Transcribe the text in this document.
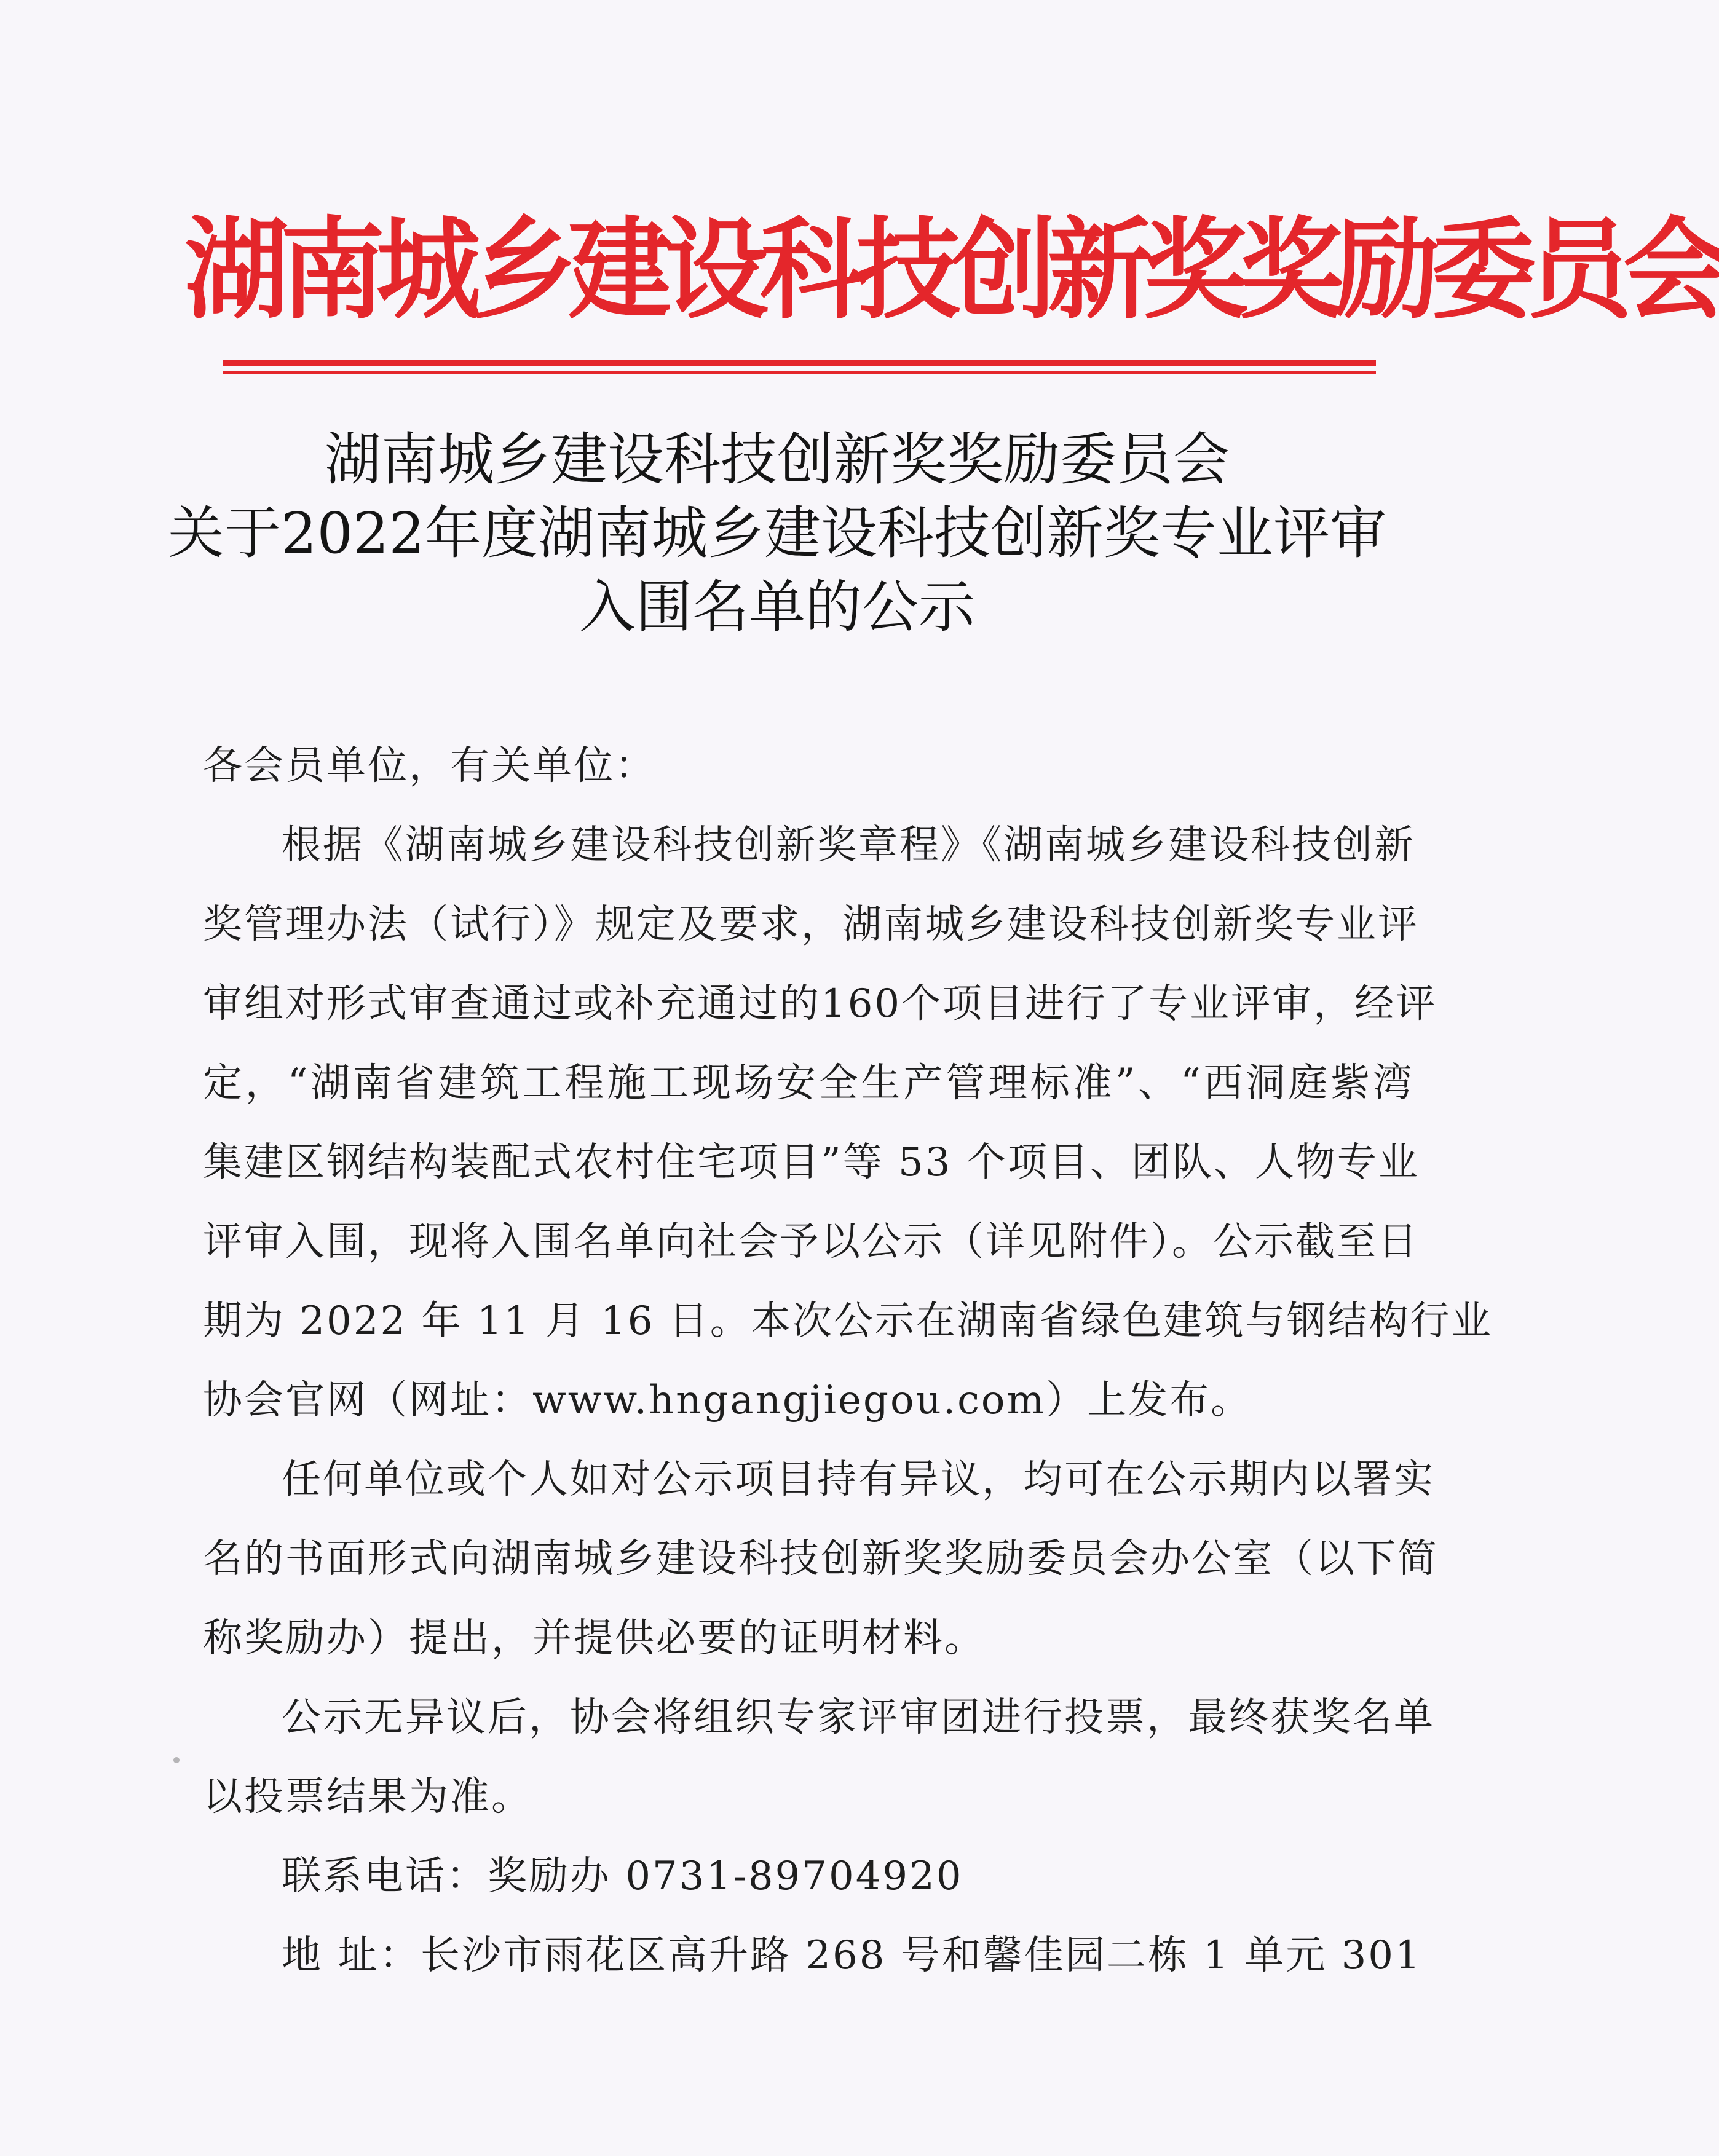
湖南城乡建设科技创新奖奖励委员会
湖南城乡建设科技创新奖奖励委员会
关于2022年度湖南城乡建设科技创新奖专业评审
入围名单的公示
各会员单位，有关单位：
根据《湖南城乡建设科技创新奖章程》《湖南城乡建设科技创新
奖管理办法（试行）》规定及要求，湖南城乡建设科技创新奖专业评
审组对形式审查通过或补充通过的160个项目进行了专业评审，经评
定，“湖南省建筑工程施工现场安全生产管理标准”、“西洞庭紫湾
集建区钢结构装配式农村住宅项目”等 53 个项目、团队、人物专业
评审入围，现将入围名单向社会予以公示（详见附件）。公示截至日
期为 2022 年 11 月 16 日。本次公示在湖南省绿色建筑与钢结构行业
协会官网（网址：www.hngangjiegou.com）上发布。
任何单位或个人如对公示项目持有异议，均可在公示期内以署实
名的书面形式向湖南城乡建设科技创新奖奖励委员会办公室（以下简
称奖励办）提出，并提供必要的证明材料。
公示无异议后，协会将组织专家评审团进行投票，最终获奖名单
以投票结果为准。
联系电话：奖励办 0731-89704920
地 址：长沙市雨花区高升路 268 号和馨佳园二栋 1 单元 301
